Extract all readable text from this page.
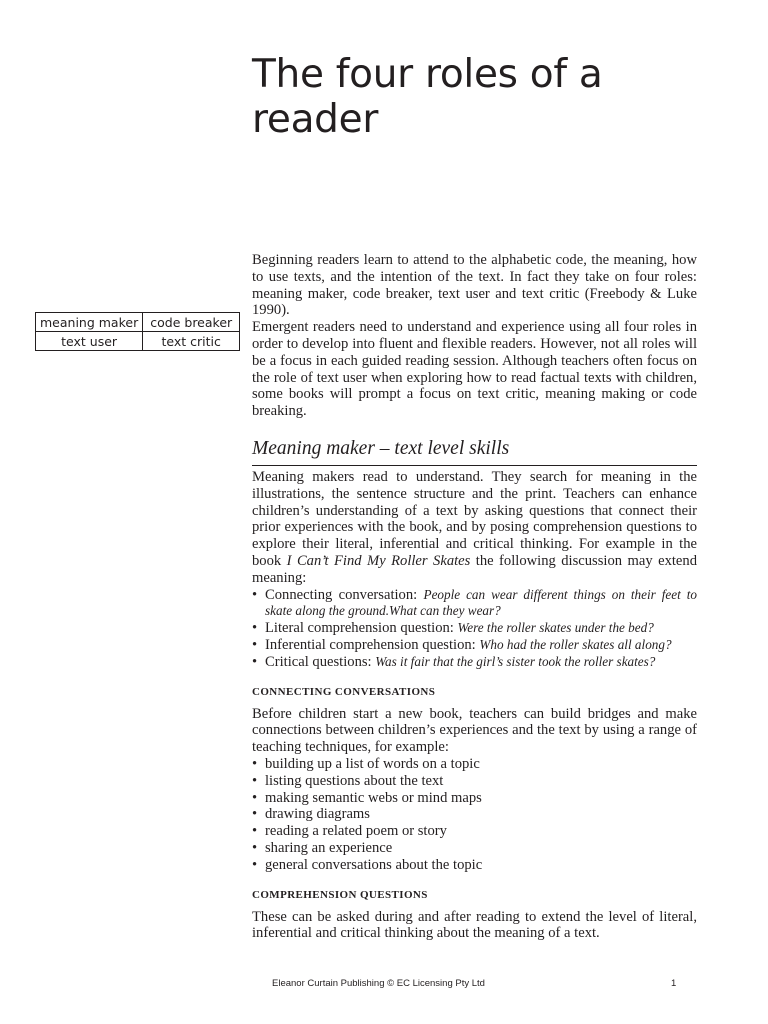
The four roles of a reader
meaning maker	code breaker
text user	text critic

Beginning readers learn to attend to the alphabetic code, the meaning, how to use texts, and the intention of the text. In fact they take on four roles: meaning maker, code breaker, text user and text critic (Freebody & Luke 1990).

Emergent readers need to understand and experience using all four roles in order to develop into fluent and flexible readers. However, not all roles will be a focus in each guided reading session. Although teachers often focus on the role of text user when exploring how to read factual texts with children, some books will prompt a focus on text critic, meaning making or code breaking.

Meaning maker – text level skills

Meaning makers read to understand. They search for meaning in the illustrations, the sentence structure and the print. Teachers can enhance children’s understanding of a text by asking questions that connect their prior experiences with the book, and by posing comprehension questions to explore their literal, inferential and critical thinking. For example in the book I Can’t Find My Roller Skates the following discussion may extend meaning:

• Connecting conversation: People can wear different things on their feet to skate along the ground.What can they wear?
• Literal comprehension question: Were the roller skates under the bed?
• Inferential comprehension question: Who had the roller skates all along?
• Critical questions: Was it fair that the girl’s sister took the roller skates?
CONNECTING CONVERSATIONS

Before children start a new book, teachers can build bridges and make connections between children’s experiences and the text by using a range of teaching techniques, for example:

• building up a list of words on a topic
• listing questions about the text
• making semantic webs or mind maps
• drawing diagrams
• reading a related poem or story
• sharing an experience
• general conversations about the topic
COMPREHENSION QUESTIONS

These can be asked during and after reading to extend the level of literal, inferential and critical thinking about the meaning of a text.

Eleanor Curtain Publishing © EC Licensing Pty Ltd	1
